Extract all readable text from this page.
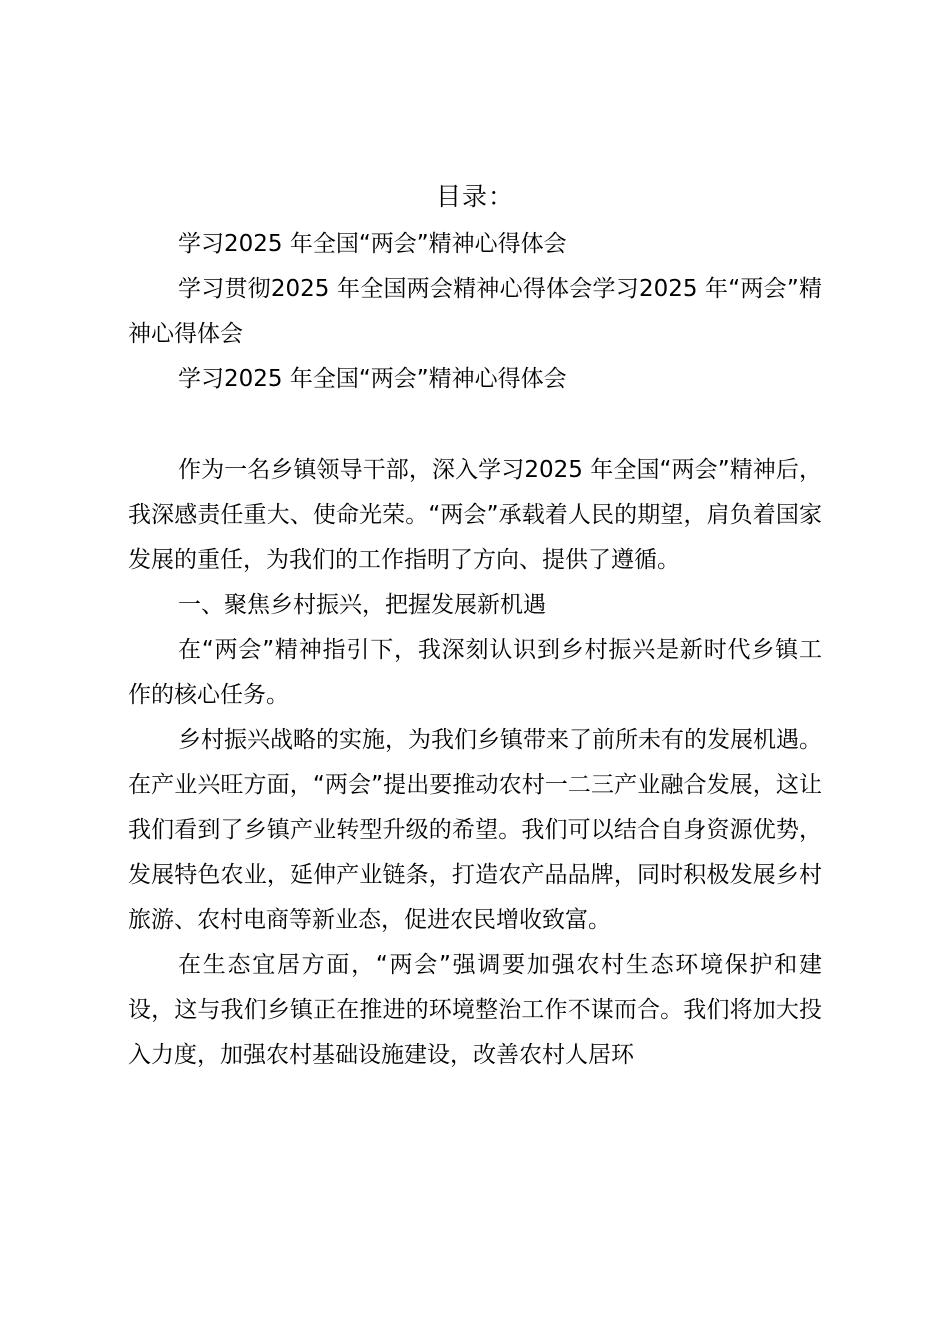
目录：

学习2025 年全国“两会”精神心得体会

学习贯彻2025 年全国两会精神心得体会学习2025 年“两会”精神心得体会

学习2025 年全国“两会”精神心得体会

作为一名乡镇领导干部，深入学习2025 年全国“两会”精神后，我深感责任重大、使命光荣。“两会”承载着人民的期望，肩负着国家发展的重任，为我们的工作指明了方向、提供了遵循。

一、聚焦乡村振兴，把握发展新机遇

在“两会”精神指引下，我深刻认识到乡村振兴是新时代乡镇工作的核心任务。

乡村振兴战略的实施，为我们乡镇带来了前所未有的发展机遇。在产业兴旺方面，“两会”提出要推动农村一二三产业融合发展，这让我们看到了乡镇产业转型升级的希望。我们可以结合自身资源优势，发展特色农业，延伸产业链条，打造农产品品牌，同时积极发展乡村旅游、农村电商等新业态，促进农民增收致富。

在生态宜居方面，“两会”强调要加强农村生态环境保护和建设，这与我们乡镇正在推进的环境整治工作不谋而合。我们将加大投入力度，加强农村基础设施建设，改善农村人居环
